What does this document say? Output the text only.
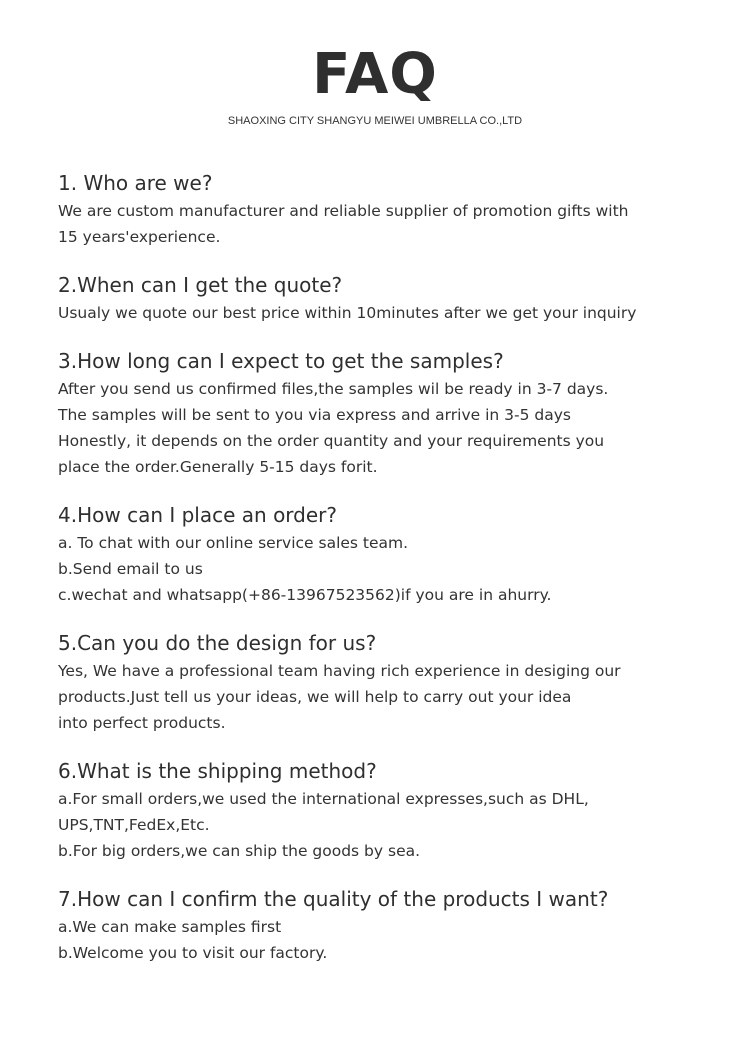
FAQ
SHAOXING CITY SHANGYU MEIWEI UMBRELLA CO.,LTD
1. Who are we?
We are custom manufacturer and reliable supplier of promotion gifts with
15 years'experience.
2.When can I get the quote?
Usualy we quote our best price within 10minutes after we get your inquiry
3.How long can I expect to get the samples?
After you send us confirmed files,the samples wil be ready in 3-7 days.
The samples will be sent to you via express and arrive in 3-5 days
Honestly, it depends on the order quantity and your requirements you
place the order.Generally 5-15 days forit.
4.How can I place an order?
a. To chat with our online service sales team.
b.Send email to us
c.wechat and whatsapp(+86-13967523562)if you are in ahurry.
5.Can you do the design for us?
Yes, We have a professional team having rich experience in desiging our
products.Just tell us your ideas, we will help to carry out your idea
into perfect products.
6.What is the shipping method?
a.For small orders,we used the international expresses,such as DHL,
UPS,TNT,FedEx,Etc.
b.For big orders,we can ship the goods by sea.
7.How can I confirm the quality of the products I want?
a.We can make samples first
b.Welcome you to visit our factory.
